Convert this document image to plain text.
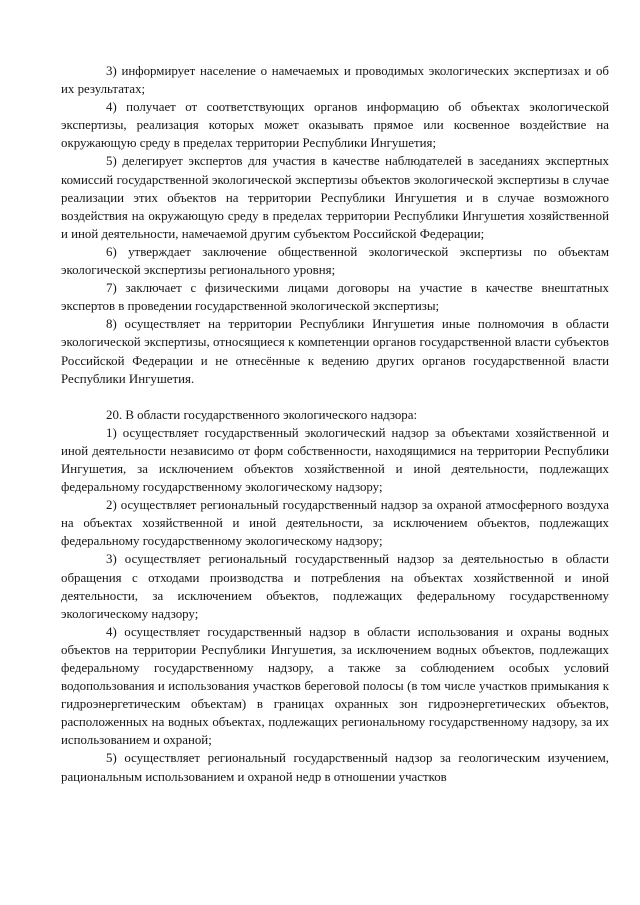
3) информирует население о намечаемых и проводимых экологических экспертизах и об их результатах;

4) получает от соответствующих органов информацию об объектах экологической экспертизы, реализация которых может оказывать прямое или косвенное воздействие на окружающую среду в пределах территории Республики Ингушетия;

5) делегирует экспертов для участия в качестве наблюдателей в заседаниях экспертных комиссий государственной экологической экспертизы объектов экологической экспертизы в случае реализации этих объектов на территории Республики Ингушетия и в случае возможного воздействия на окружающую среду в пределах территории Республики Ингушетия хозяйственной и иной деятельности, намечаемой другим субъектом Российской Федерации;

6) утверждает заключение общественной экологической экспертизы по объектам экологической экспертизы регионального уровня;

7) заключает с физическими лицами договоры на участие в качестве внештатных экспертов в проведении государственной экологической экспертизы;

8) осуществляет на территории Республики Ингушетия иные полномочия в области экологической экспертизы, относящиеся к компетенции органов государственной власти субъектов Российской Федерации и не отнесённые к ведению других органов государственной власти Республики Ингушетия.

20. В области государственного экологического надзора:

1) осуществляет государственный экологический надзор за объектами хозяйственной и иной деятельности независимо от форм собственности, находящимися на территории Республики Ингушетия, за исключением объектов хозяйственной и иной деятельности, подлежащих федеральному государственному экологическому надзору;

2) осуществляет региональный государственный надзор за охраной атмосферного воздуха на объектах хозяйственной и иной деятельности, за исключением объектов, подлежащих федеральному государственному экологическому надзору;

3) осуществляет региональный государственный надзор за деятельностью в области обращения с отходами производства и потребления на объектах хозяйственной и иной деятельности, за исключением объектов, подлежащих федеральному государственному экологическому надзору;

4) осуществляет государственный надзор в области использования и охраны водных объектов на территории Республики Ингушетия, за исключением водных объектов, подлежащих федеральному государственному надзору, а также за соблюдением особых условий водопользования и использования участков береговой полосы (в том числе участков примыкания к гидроэнергетическим объектам) в границах охранных зон гидроэнергетических объектов, расположенных на водных объектах, подлежащих региональному государственному надзору, за их использованием и охраной;

5) осуществляет региональный государственный надзор за геологическим изучением, рациональным использованием и охраной недр в отношении участков
